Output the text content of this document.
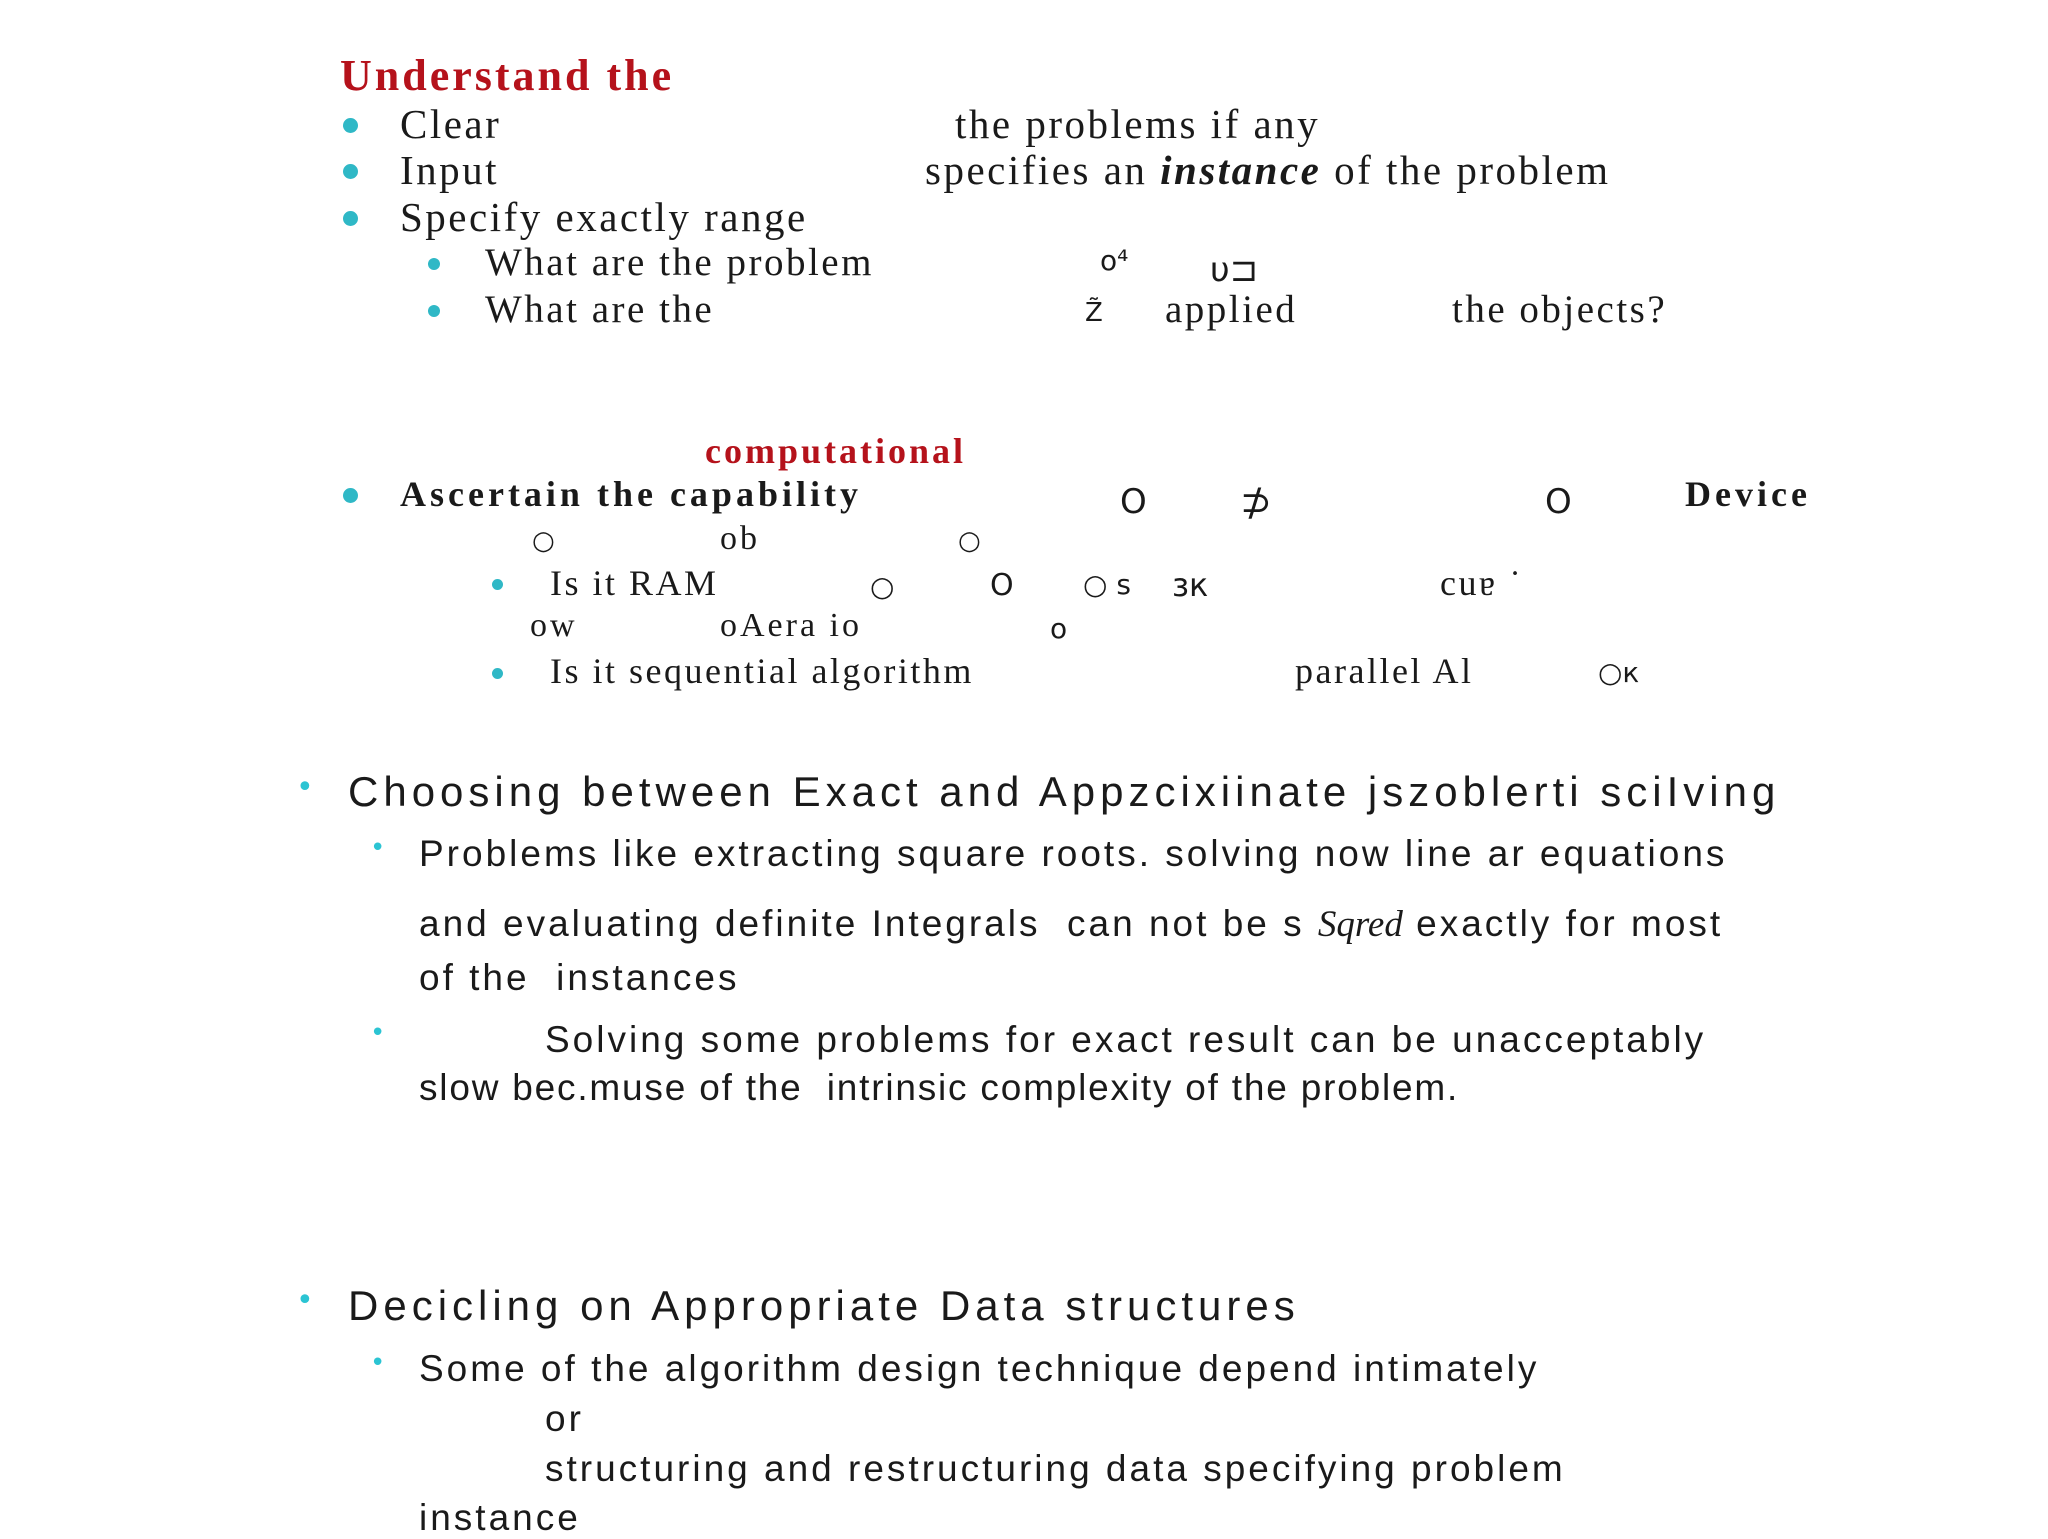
Understand the
Clear	the problems if any
Input	specifies an instance of the problem
Specify exactly range
What are the problem	o⁴ υ⊐
What are the	Z̃ applied	the objects?
computational
Ascertain the capability	O ⊅	O	Device
○	ob	○
Is it RAM	○	O ○ s зк	cuɐ ˙
ow	oAera io	o
Is it sequential algorithm	parallel Al	○к
• Choosing between Exact and Appzcixiinate jszoblerti sciIving
• Problems like extracting square roots. solving now line ar equations
and evaluating definite Integrals  can not be s Sqred exactly for most
of the  instances
•	Solving some problems for exact result can be unacceptably
slow bec.muse of the  intrinsic complexity of the problem.
• Decicling on Appropriate Data structures
• Some of the algorithm design technique depend intimately
or
structuring and restructuring data specifying problem
instance
